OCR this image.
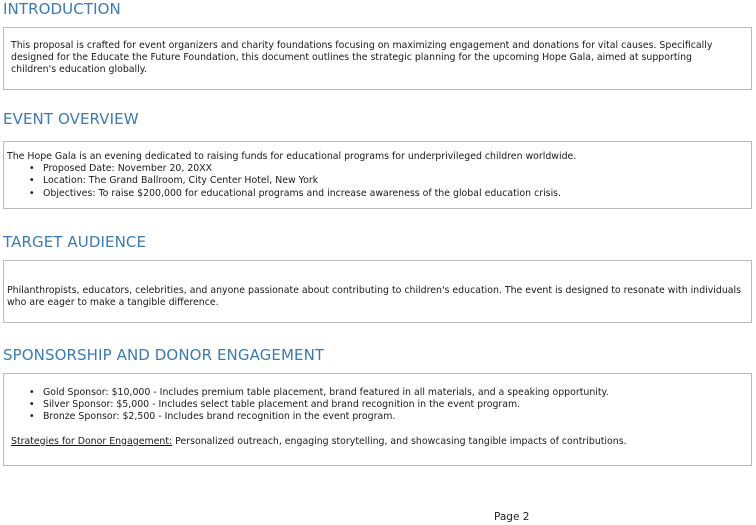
INTRODUCTION

This proposal is crafted for event organizers and charity foundations focusing on maximizing engagement and donations for vital causes. Specifically designed for the Educate the Future Foundation, this document outlines the strategic planning for the upcoming Hope Gala, aimed at supporting children's education globally.

EVENT OVERVIEW

The Hope Gala is an evening dedicated to raising funds for educational programs for underprivileged children worldwide.

• Proposed Date: November 20, 20XX
• Location: The Grand Ballroom, City Center Hotel, New York
• Objectives: To raise $200,000 for educational programs and increase awareness of the global education crisis.
TARGET AUDIENCE

Philanthropists, educators, celebrities, and anyone passionate about contributing to children's education. The event is designed to resonate with individuals who are eager to make a tangible difference.

SPONSORSHIP AND DONOR ENGAGEMENT
• Gold Sponsor: $10,000 - Includes premium table placement, brand featured in all materials, and a speaking opportunity.
• Silver Sponsor: $5,000 - Includes select table placement and brand recognition in the event program.
• Bronze Sponsor: $2,500 - Includes brand recognition in the event program.

Strategies for Donor Engagement: Personalized outreach, engaging storytelling, and showcasing tangible impacts of contributions.

Page 2
